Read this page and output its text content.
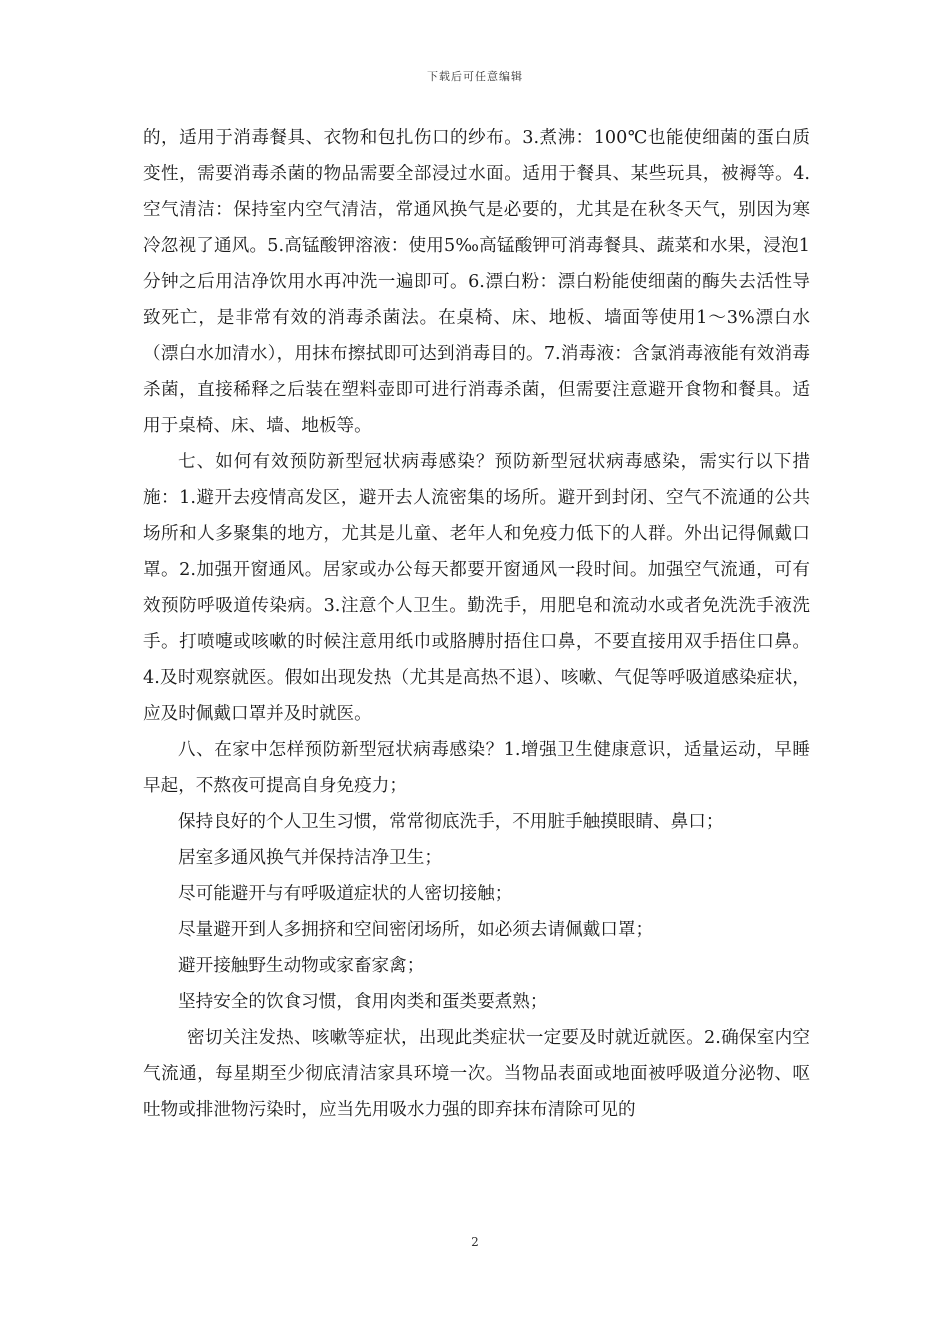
下载后可任意编辑

的，适用于消毒餐具、衣物和包扎伤口的纱布。3.煮沸：100℃也能使细菌的蛋白质变性，需要消毒杀菌的物品需要全部浸过水面。适用于餐具、某些玩具，被褥等。4.空气清洁：保持室内空气清洁，常通风换气是必要的，尤其是在秋冬天气，别因为寒冷忽视了通风。5.高锰酸钾溶液：使用5‰高锰酸钾可消毒餐具、蔬菜和水果，浸泡1分钟之后用洁净饮用水再冲洗一遍即可。6.漂白粉：漂白粉能使细菌的酶失去活性导致死亡，是非常有效的消毒杀菌法。在桌椅、床、地板、墙面等使用1～3%漂白水（漂白水加清水），用抹布擦拭即可达到消毒目的。7.消毒液：含氯消毒液能有效消毒杀菌，直接稀释之后装在塑料壶即可进行消毒杀菌，但需要注意避开食物和餐具。适用于桌椅、床、墙、地板等。

七、如何有效预防新型冠状病毒感染？预防新型冠状病毒感染，需实行以下措施：1.避开去疫情高发区，避开去人流密集的场所。避开到封闭、空气不流通的公共场所和人多聚集的地方，尤其是儿童、老年人和免疫力低下的人群。外出记得佩戴口罩。2.加强开窗通风。居家或办公每天都要开窗通风一段时间。加强空气流通，可有效预防呼吸道传染病。3.注意个人卫生。勤洗手，用肥皂和流动水或者免洗洗手液洗手。打喷嚏或咳嗽的时候注意用纸巾或胳膊肘捂住口鼻，不要直接用双手捂住口鼻。4.及时观察就医。假如出现发热（尤其是高热不退）、咳嗽、气促等呼吸道感染症状，应及时佩戴口罩并及时就医。

八、在家中怎样预防新型冠状病毒感染？1.增强卫生健康意识，适量运动，早睡早起，不熬夜可提高自身免疫力；

保持良好的个人卫生习惯，常常彻底洗手，不用脏手触摸眼睛、鼻口；

居室多通风换气并保持洁净卫生；

尽可能避开与有呼吸道症状的人密切接触；

尽量避开到人多拥挤和空间密闭场所，如必须去请佩戴口罩；

避开接触野生动物或家畜家禽；

坚持安全的饮食习惯，食用肉类和蛋类要煮熟；

密切关注发热、咳嗽等症状，出现此类症状一定要及时就近就医。2.确保室内空气流通，每星期至少彻底清洁家具环境一次。当物品表面或地面被呼吸道分泌物、呕吐物或排泄物污染时，应当先用吸水力强的即弃抹布清除可见的

2
